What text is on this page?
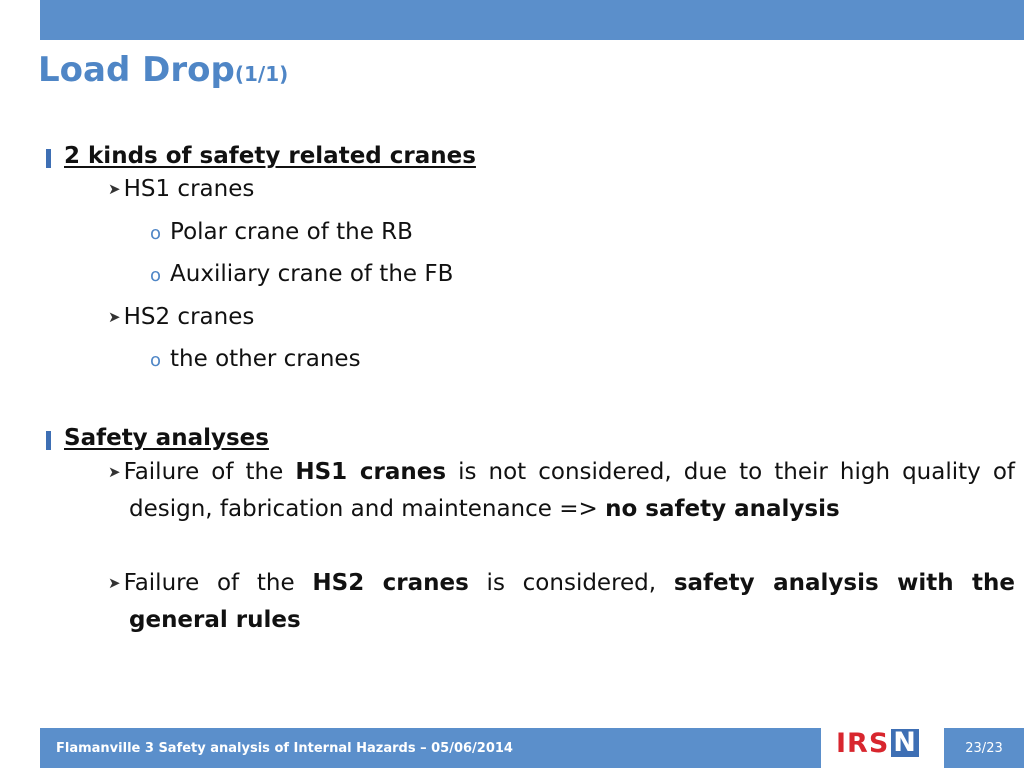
Load Drop(1/1)
2 kinds of safety related cranes
➤ HS1 cranes
o Polar crane of the RB
o Auxiliary crane of the FB
➤ HS2 cranes
o the other cranes
Safety analyses
➤ Failure of the HS1 cranes is not considered, due to their high quality of design, fabrication and maintenance => no safety analysis
➤ Failure of the HS2 cranes is considered, safety analysis with the general rules
Flamanville 3 Safety analysis of Internal Hazards – 05/06/2014	IRS N	23/23
